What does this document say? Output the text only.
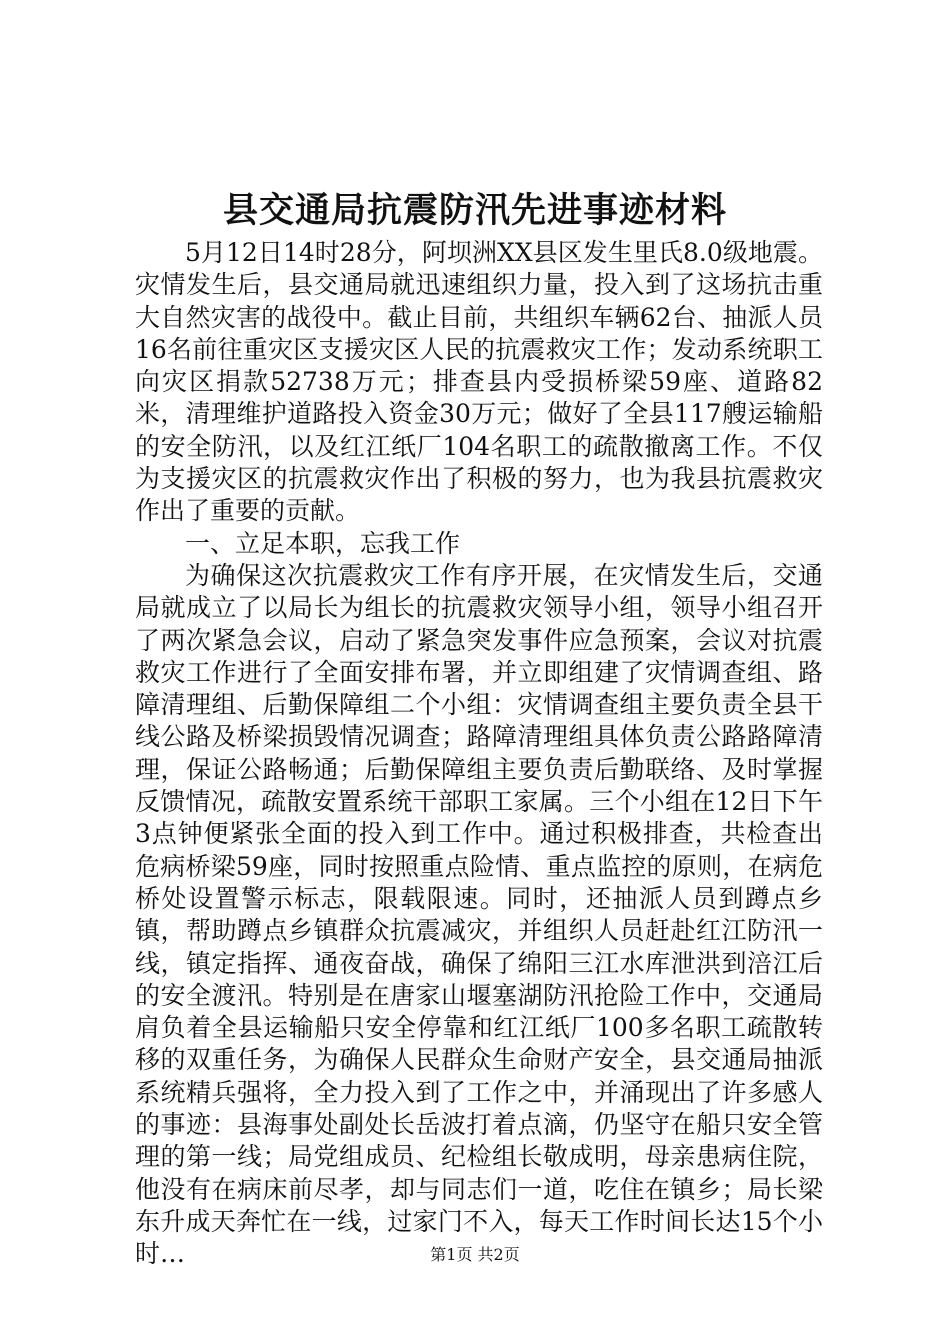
县交通局抗震防汛先进事迹材料

5月12日14时28分，阿坝洲XX县区发生里氏8.0级地震。灾情发生后，县交通局就迅速组织力量，投入到了这场抗击重大自然灾害的战役中。截止目前，共组织车辆62台、抽派人员16名前往重灾区支援灾区人民的抗震救灾工作；发动系统职工向灾区捐款52738万元；排查县内受损桥梁59座、道路82米，清理维护道路投入资金30万元；做好了全县117艘运输船的安全防汛，以及红江纸厂104名职工的疏散撤离工作。不仅为支援灾区的抗震救灾作出了积极的努力，也为我县抗震救灾作出了重要的贡献。

一、立足本职，忘我工作

为确保这次抗震救灾工作有序开展，在灾情发生后，交通局就成立了以局长为组长的抗震救灾领导小组，领导小组召开了两次紧急会议，启动了紧急突发事件应急预案，会议对抗震救灾工作进行了全面安排布署，并立即组建了灾情调查组、路障清理组、后勤保障组二个小组：灾情调查组主要负责全县干线公路及桥梁损毁情况调查；路障清理组具体负责公路路障清理，保证公路畅通；后勤保障组主要负责后勤联络、及时掌握反馈情况，疏散安置系统干部职工家属。三个小组在12日下午3点钟便紧张全面的投入到工作中。通过积极排查，共检查出危病桥梁59座，同时按照重点险情、重点监控的原则，在病危桥处设置警示标志，限载限速。同时，还抽派人员到蹲点乡镇，帮助蹲点乡镇群众抗震减灾，并组织人员赶赴红江防汛一线，镇定指挥、通夜奋战，确保了绵阳三江水库泄洪到涪江后的安全渡汛。特别是在唐家山堰塞湖防汛抢险工作中，交通局肩负着全县运输船只安全停靠和红江纸厂100多名职工疏散转移的双重任务，为确保人民群众生命财产安全，县交通局抽派系统精兵强将，全力投入到了工作之中，并涌现出了许多感人的事迹：县海事处副处长岳波打着点滴，仍坚守在船只安全管理的第一线；局党组成员、纪检组长敬成明，母亲患病住院，他没有在病床前尽孝，却与同志们一道，吃住在镇乡；局长梁东升成天奔忙在一线，过家门不入，每天工作时间长达15个小时…	第1页 共2页
